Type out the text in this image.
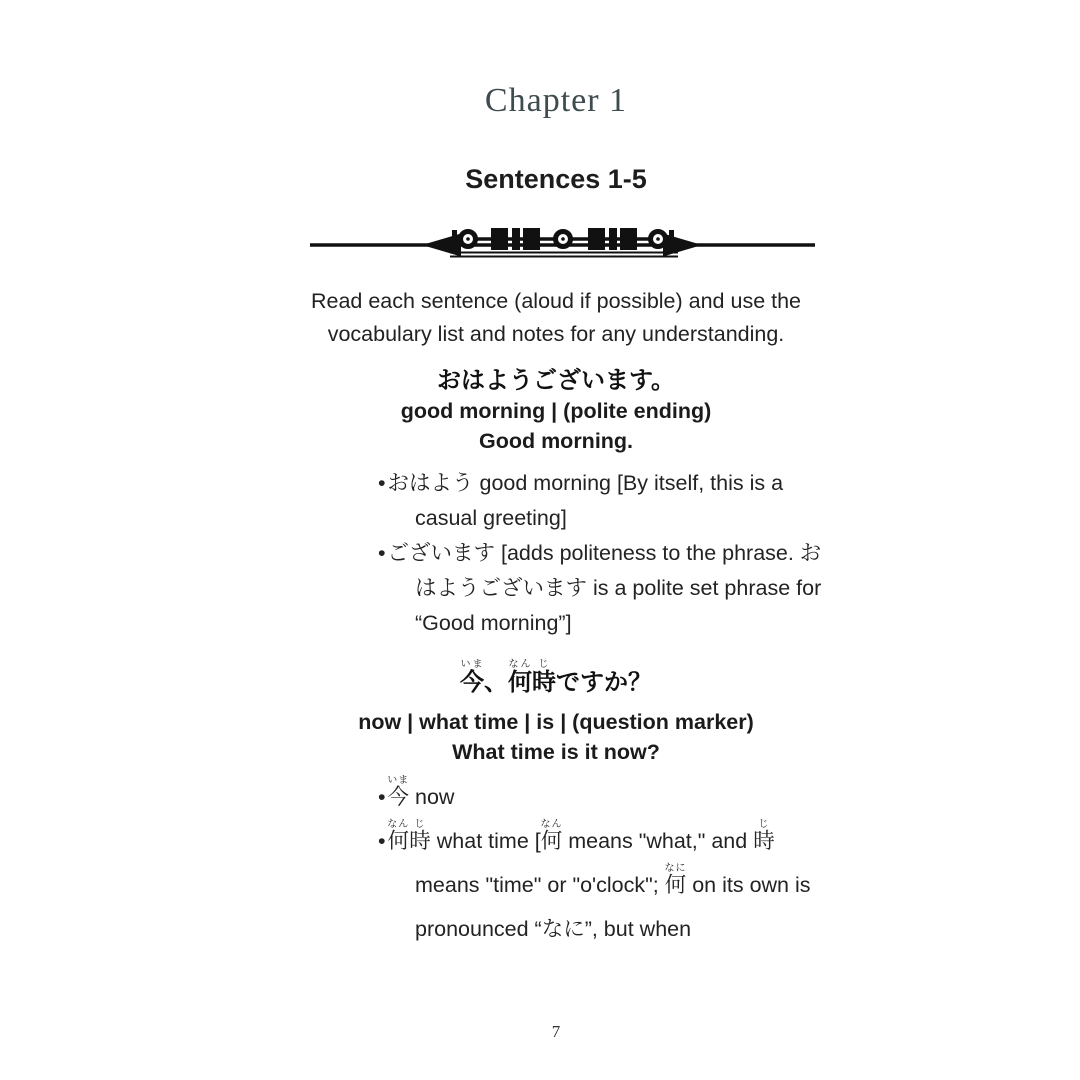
Chapter 1
Sentences 1-5

Read each sentence (aloud if possible) and use the vocabulary list and notes for any understanding.

おはようございます。

good morning | (polite ending)

Good morning.

•おはよう good morning [By itself, this is a casual greeting]
•ございます [adds politeness to the phrase. おはようございます is a polite set phrase for “Good morning”]

今いま、何なん時じですか？

now | what time | is | (question marker)

What time is it now?

•今いま now
•何なん時じ what time [何なん means "what," and 時じ means "time" or "o'clock"; 何なに on its own is pronounced “なに”, but when
7
